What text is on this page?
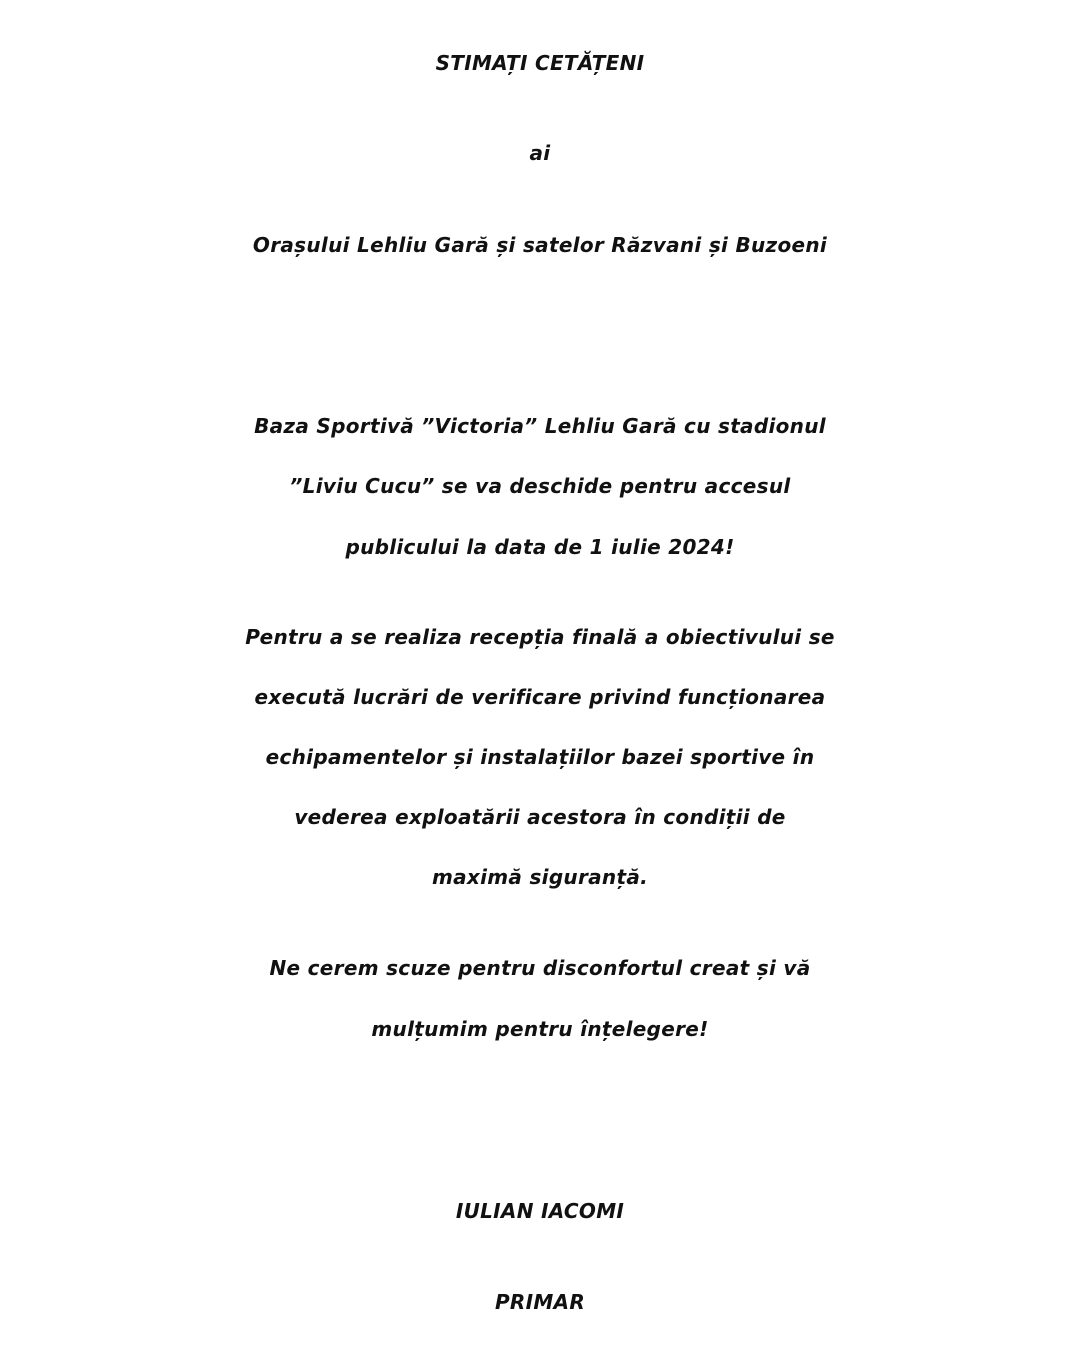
STIMAȚI CETĂȚENI
ai
Orașului Lehliu Gară și satelor Răzvani și Buzoeni
Baza Sportivă ”Victoria” Lehliu Gară cu stadionul
”Liviu Cucu” se va deschide pentru accesul
publicului la data de 1 iulie 2024!
Pentru a se realiza recepția finală a obiectivului se
execută lucrări de verificare privind funcționarea
echipamentelor și instalațiilor bazei sportive în
vederea exploatării acestora în condiții de
maximă siguranță.
Ne cerem scuze pentru disconfortul creat și vă
mulțumim pentru înțelegere!
IULIAN IACOMI
PRIMAR
